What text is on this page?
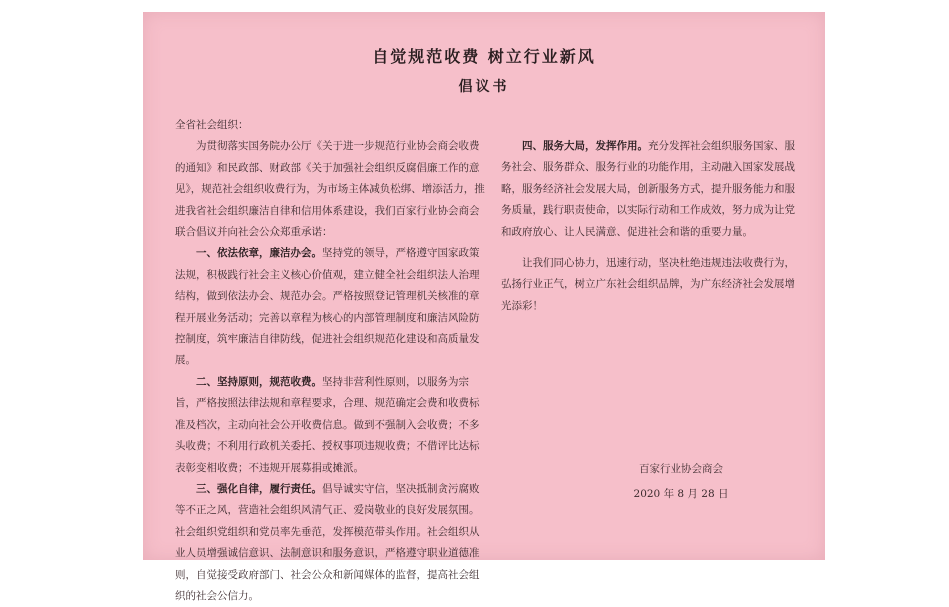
自觉规范收费 树立行业新风
倡议书

全省社会组织：

为贯彻落实国务院办公厅《关于进一步规范行业协会商会收费的通知》和民政部、财政部《关于加强社会组织反腐倡廉工作的意见》，规范社会组织收费行为，为市场主体减负松绑、增添活力，推进我省社会组织廉洁自律和信用体系建设，我们百家行业协会商会联合倡议并向社会公众郑重承诺：

一、依法依章，廉洁办会。坚持党的领导，严格遵守国家政策法规，积极践行社会主义核心价值观，建立健全社会组织法人治理结构，做到依法办会、规范办会。严格按照登记管理机关核准的章程开展业务活动；完善以章程为核心的内部管理制度和廉洁风险防控制度，筑牢廉洁自律防线，促进社会组织规范化建设和高质量发展。

二、坚持原则，规范收费。坚持非营利性原则，以服务为宗旨，严格按照法律法规和章程要求，合理、规范确定会费和收费标准及档次，主动向社会公开收费信息。做到不强制入会收费；不多头收费；不利用行政机关委托、授权事项违规收费；不借评比达标表彰变相收费；不违规开展募捐或摊派。

三、强化自律，履行责任。倡导诚实守信，坚决抵制贪污腐败等不正之风，营造社会组织风清气正、爱岗敬业的良好发展氛围。社会组织党组织和党员率先垂范，发挥模范带头作用。社会组织从业人员增强诚信意识、法制意识和服务意识，严格遵守职业道德准则，自觉接受政府部门、社会公众和新闻媒体的监督，提高社会组织的社会公信力。

四、服务大局，发挥作用。充分发挥社会组织服务国家、服务社会、服务群众、服务行业的功能作用，主动融入国家发展战略，服务经济社会发展大局，创新服务方式，提升服务能力和服务质量，践行职责使命，以实际行动和工作成效，努力成为让党和政府放心、让人民满意、促进社会和谐的重要力量。

让我们同心协力，迅速行动，坚决杜绝违规违法收费行为，弘扬行业正气，树立广东社会组织品牌，为广东经济社会发展增光添彩！

百家行业协会商会
2020 年 8 月 28 日
